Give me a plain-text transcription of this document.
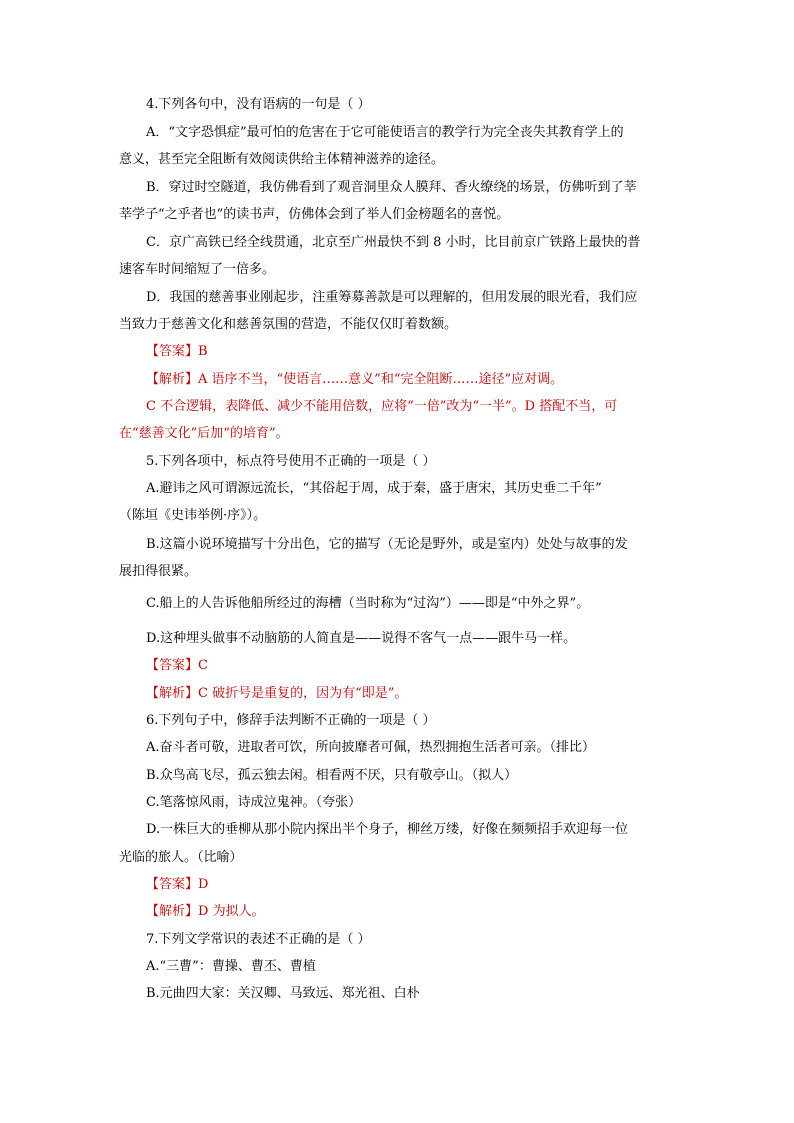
4.下列各句中，没有语病的一句是（ ）
A．“文字恐惧症”最可怕的危害在于它可能使语言的教学行为完全丧失其教育学上的
意义，甚至完全阻断有效阅读供给主体精神滋养的途径。
B．穿过时空隧道，我仿佛看到了观音洞里众人膜拜、香火缭绕的场景，仿佛听到了莘
莘学子“之乎者也”的读书声，仿佛体会到了举人们金榜题名的喜悦。
C．京广高铁已经全线贯通，北京至广州最快不到 8 小时，比目前京广铁路上最快的普
速客车时间缩短了一倍多。
D．我国的慈善事业刚起步，注重筹募善款是可以理解的，但用发展的眼光看，我们应
当致力于慈善文化和慈善氛围的营造，不能仅仅盯着数额。
【答案】B
【解析】A 语序不当，“使语言……意义”和“完全阻断……途径”应对调。
C 不合逻辑，表降低、减少不能用倍数，应将“一倍”改为“一半”。D 搭配不当，可
在“慈善文化”后加“的培育”。
5.下列各项中，标点符号使用不正确的一项是（ ）
A.避讳之风可谓源远流长，“其俗起于周，成于秦，盛于唐宋，其历史垂二千年”
（陈垣《史讳举例·序》）。
B.这篇小说环境描写十分出色，它的描写（无论是野外，或是室内）处处与故事的发
展扣得很紧。
C.船上的人告诉他船所经过的海槽（当时称为“过沟”）——即是“中外之界”。
D.这种埋头做事不动脑筋的人简直是——说得不客气一点——跟牛马一样。
【答案】C
【解析】C 破折号是重复的，因为有“即是”。
6.下列句子中，修辞手法判断不正确的一项是（ ）
A.奋斗者可敬，进取者可饮，所向披靡者可佩，热烈拥抱生活者可亲。（排比）
B.众鸟高飞尽，孤云独去闲。相看两不厌，只有敬亭山。（拟人）
C.笔落惊风雨，诗成泣鬼神。（夸张）
D.一株巨大的垂柳从那小院内探出半个身子，柳丝万缕，好像在频频招手欢迎每一位
光临的旅人。（比喻）
【答案】D
【解析】D 为拟人。
7.下列文学常识的表述不正确的是（ ）
A.“三曹”：曹操、曹丕、曹植
B.元曲四大家：关汉卿、马致远、郑光祖、白朴
